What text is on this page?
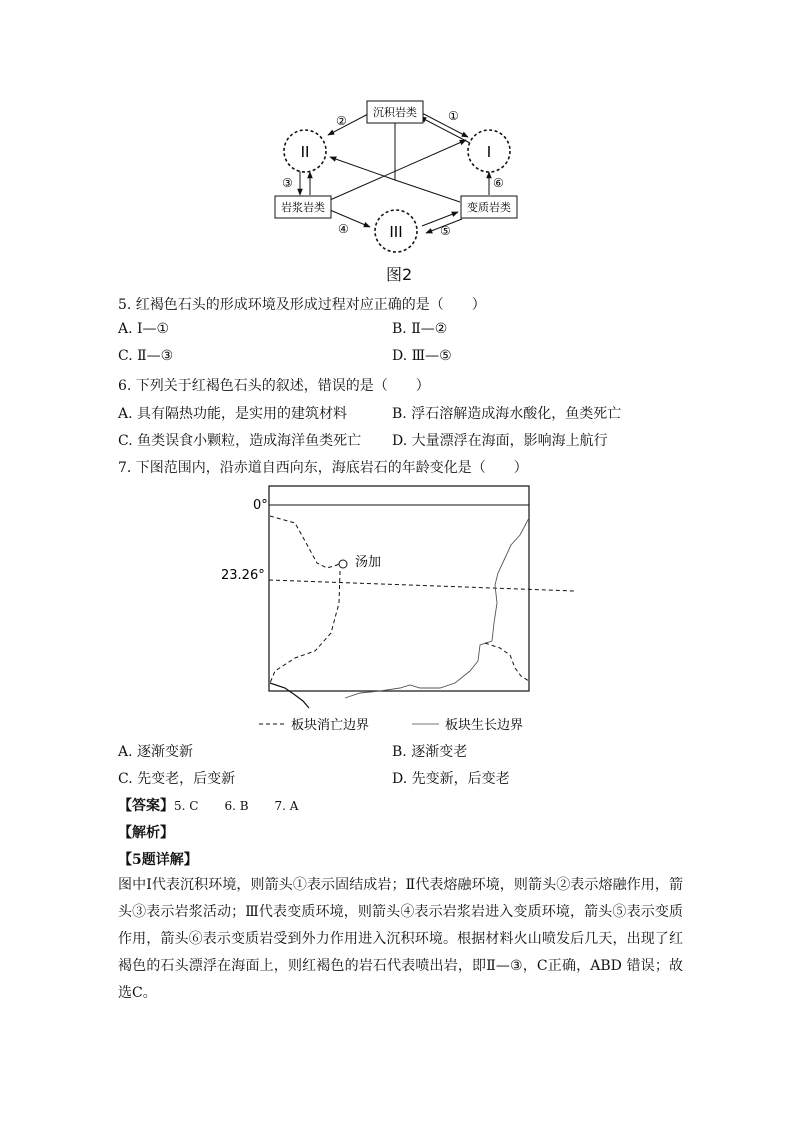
沉积岩类
岩浆岩类	变质岩类
II	I
III
①
②
③
④	⑤
⑥
图2
5. 红褐色石头的形成环境及形成过程对应正确的是（　　）
A. I—①	B. Ⅱ—②
C. Ⅱ—③	D. Ⅲ—⑤
6. 下列关于红褐色石头的叙述，错误的是（　　）
A. 具有隔热功能，是实用的建筑材料	B. 浮石溶解造成海水酸化，鱼类死亡
C. 鱼类误食小颗粒，造成海洋鱼类死亡 D. 大量漂浮在海面，影响海上航行
7. 下图范围内，沿赤道自西向东，海底岩石的年龄变化是（　　）
0°
23.26°
汤加
板块消亡边界	板块生长边界
A. 逐渐变新	B. 逐渐变老
C. 先变老，后变新	D. 先变新，后变老
【答案】5. C 6. B 7. A
【解析】
【5题详解】
图中Ⅰ代表沉积环境，则箭头①表示固结成岩；Ⅱ代表熔融环境，则箭头②表示熔融作用，箭头③表示岩浆活动；Ⅲ代表变质环境，则箭头④表示岩浆岩进入变质环境，箭头⑤表示变质作用，箭头⑥表示变质岩受到外力作用进入沉积环境。根据材料火山喷发后几天，出现了红褐色的石头漂浮在海面上，则红褐色的岩石代表喷出岩，即Ⅱ—③，C正确，ABD 错误；故选C。
